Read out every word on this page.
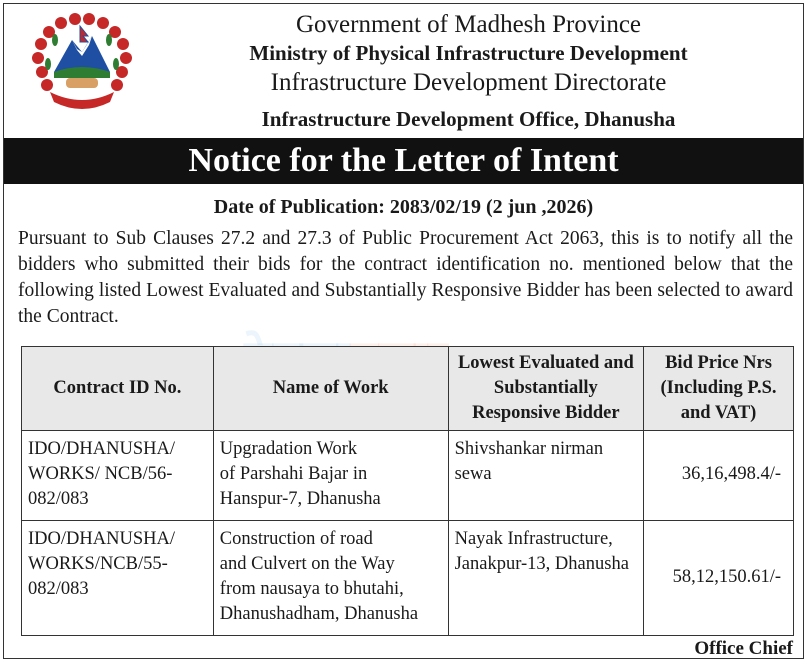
Government of Madhesh Province
Ministry of Physical Infrastructure Development
Infrastructure Development Directorate
Infrastructure Development Office, Dhanusha
Notice for the Letter of Intent
Date of Publication: 2083/02/19 (2 jun ,2026)
Pursuant to Sub Clauses 27.2 and 27.3 of Public Procurement Act 2063, this is to notify all the bidders who submitted their bids for the contract identification no. mentioned below that the following listed Lowest Evaluated and Substantially Responsive Bidder has been selected to award the Contract.
Contract ID No.	Name of Work	Lowest Evaluated and Substantially Responsive Bidder	Bid Price Nrs (Including P.S. and VAT)
IDO/DHANUSHA/ WORKS/ NCB/56-082/083	Upgradation Work
of Parshahi Bajar in
Hanspur-7, Dhanusha	Shivshankar nirman sewa	36,16,498.4/-
IDO/DHANUSHA/ WORKS/NCB/55-082/083	Construction of road
and Culvert on the Way
from nausaya to bhutahi,
Dhanushadham, Dhanusha	Nayak Infrastructure, Janakpur-13, Dhanusha	58,12,150.61/-
Office Chief
